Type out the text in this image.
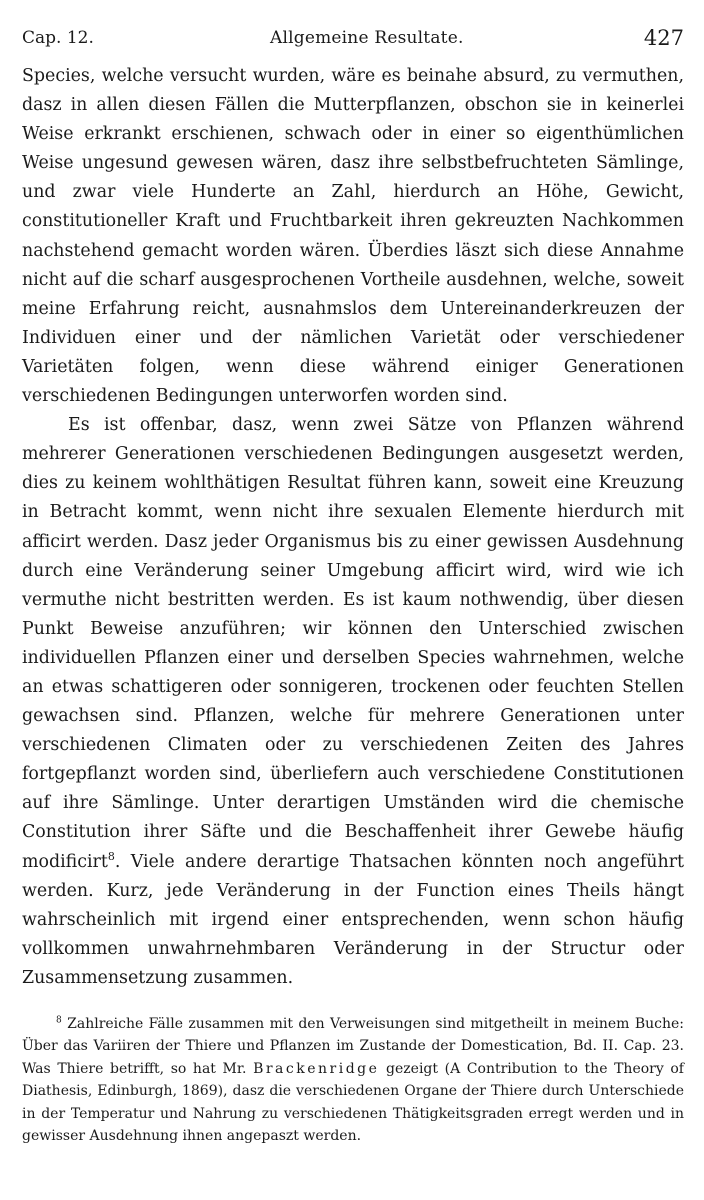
Cap. 12.	Allgemeine Resultate.	427

Species, welche versucht wurden, wäre es beinahe absurd, zu vermuthen, dasz in allen diesen Fällen die Mutterpflanzen, obschon sie in keinerlei Weise erkrankt erschienen, schwach oder in einer so eigenthümlichen Weise ungesund gewesen wären, dasz ihre selbstbefruchteten Sämlinge, und zwar viele Hunderte an Zahl, hierdurch an Höhe, Gewicht, constitutioneller Kraft und Fruchtbarkeit ihren gekreuzten Nachkommen nachstehend gemacht worden wären. Überdies läszt sich diese Annahme nicht auf die scharf ausgesprochenen Vortheile ausdehnen, welche, soweit meine Erfahrung reicht, ausnahmslos dem Untereinanderkreuzen der Individuen einer und der nämlichen Varietät oder verschiedener Varietäten folgen, wenn diese während einiger Generationen verschiedenen Bedingungen unterworfen worden sind.

Es ist offenbar, dasz, wenn zwei Sätze von Pflanzen während mehrerer Generationen verschiedenen Bedingungen ausgesetzt werden, dies zu keinem wohlthätigen Resultat führen kann, soweit eine Kreuzung in Betracht kommt, wenn nicht ihre sexualen Elemente hierdurch mit afficirt werden. Dasz jeder Organismus bis zu einer gewissen Ausdehnung durch eine Veränderung seiner Umgebung afficirt wird, wird wie ich vermuthe nicht bestritten werden. Es ist kaum nothwendig, über diesen Punkt Beweise anzuführen; wir können den Unterschied zwischen individuellen Pflanzen einer und derselben Species wahrnehmen, welche an etwas schattigeren oder sonnigeren, trockenen oder feuchten Stellen gewachsen sind. Pflanzen, welche für mehrere Generationen unter verschiedenen Climaten oder zu verschiedenen Zeiten des Jahres fortgepflanzt worden sind, überliefern auch verschiedene Constitutionen auf ihre Sämlinge. Unter derartigen Umständen wird die chemische Constitution ihrer Säfte und die Beschaffenheit ihrer Gewebe häufig modificirt$^8$. Viele andere derartige Thatsachen könnten noch angeführt werden. Kurz, jede Veränderung in der Function eines Theils hängt wahrscheinlich mit irgend einer entsprechenden, wenn schon häufig vollkommen unwahrnehmbaren Veränderung in der Structur oder Zusammensetzung zusammen.

$^8$ Zahlreiche Fälle zusammen mit den Verweisungen sind mitgetheilt in meinem Buche: Über das Variiren der Thiere und Pflanzen im Zustande der Domestication, Bd. II. Cap. 23. Was Thiere betrifft, so hat Mr. Brackenridge gezeigt (A Contribution to the Theory of Diathesis, Edinburgh, 1869), dasz die verschiedenen Organe der Thiere durch Unterschiede in der Temperatur und Nahrung zu verschiedenen Thätigkeitsgraden erregt werden und in gewisser Ausdehnung ihnen angepaszt werden.
